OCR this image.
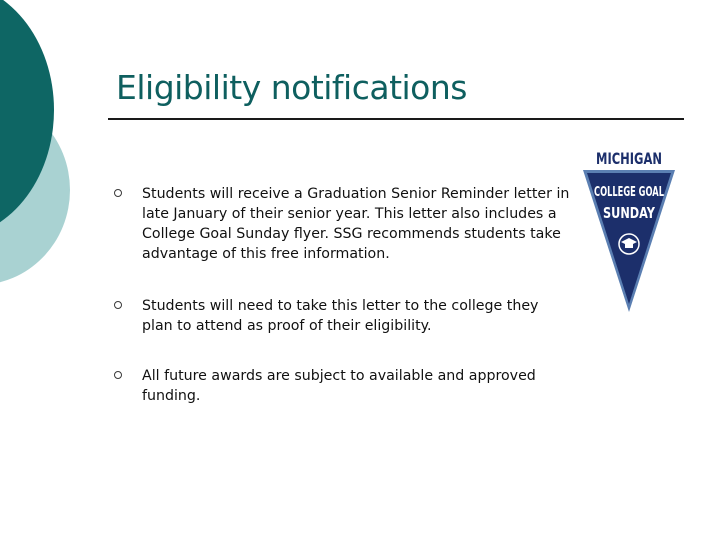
Eligibility notifications
Students will receive a Graduation Senior Reminder letter in late January of their senior year. This letter also includes a College Goal Sunday flyer. SSG recommends students take advantage of this free information.
Students will need to take this letter to the college they plan to attend as proof of their eligibility.
All future awards are subject to available and approved funding.
MICHIGAN
COLLEGE GOAL
SUNDAY
